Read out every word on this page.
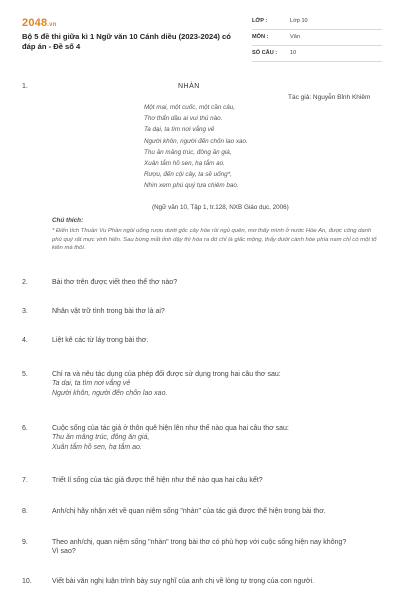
2048.vn
Bộ 5 đề thi giữa kì 1 Ngữ văn 10 Cánh diều (2023-2024) có đáp án - Đề số 4
LỚP :	Lớp 10
MÔN :	Văn
SỐ CÂU : 10
1.	NHÀN
Tác giả: Nguyễn Bỉnh Khiêm
Một mai, một cuốc, một cần câu,
Thơ thẩn dầu ai vui thú nào.
Ta dại, ta tìm nơi vắng vẻ
Người khôn, người đến chốn lao xao.
Thu ăn măng trúc, đông ăn giá,
Xuân tắm hồ sen, hạ tắm ao.
Rượu, đến cội cây, ta sẽ uống*,
Nhìn xem phú quý tựa chiêm bao.
(Ngữ văn 10, Tập 1, tr.128, NXB Giáo dục, 2006)
Chú thích:
* Điển tích Thuần Vu Phần ngồi uống rượu dưới gốc cây hòe rồi ngủ quên, mơ thấy mình ở nước Hòe An, được công danh phú quý rất mực vinh hiển. Sau bừng mắt tỉnh dậy thì hóa ra đó chỉ là giấc mộng, thấy dưới cành hòe phía nam chỉ có một tổ kiến mà thôi.
2.	Bài thơ trên được viết theo thể thơ nào?
3.	Nhân vật trữ tình trong bài thơ là ai?
4.	Liệt kê các từ láy trong bài thơ.
5.	Chỉ ra và nêu tác dụng của phép đối được sử dụng trong hai câu thơ sau:
Ta dại, ta tìm nơi vắng vẻ
Người khôn, người đến chốn lao xao.
6.	Cuộc sống của tác giả ở thôn quê hiện lên như thế nào qua hai câu thơ sau:
Thu ăn măng trúc, đông ăn giá,
Xuân tắm hồ sen, hạ tắm ao.
7.	Triết lí sống của tác giả được thể hiện như thế nào qua hai câu kết?
8.	Anh/chị hãy nhận xét về quan niệm sống "nhàn" của tác giả được thể hiện trong bài thơ.
9.	Theo anh/chị, quan niệm sống "nhàn" trong bài thơ có phù hợp với cuộc sống hiện nay không?
Vì sao?
10.	Viết bài văn nghị luận trình bày suy nghĩ của anh chị về lòng tự trọng của con người.
